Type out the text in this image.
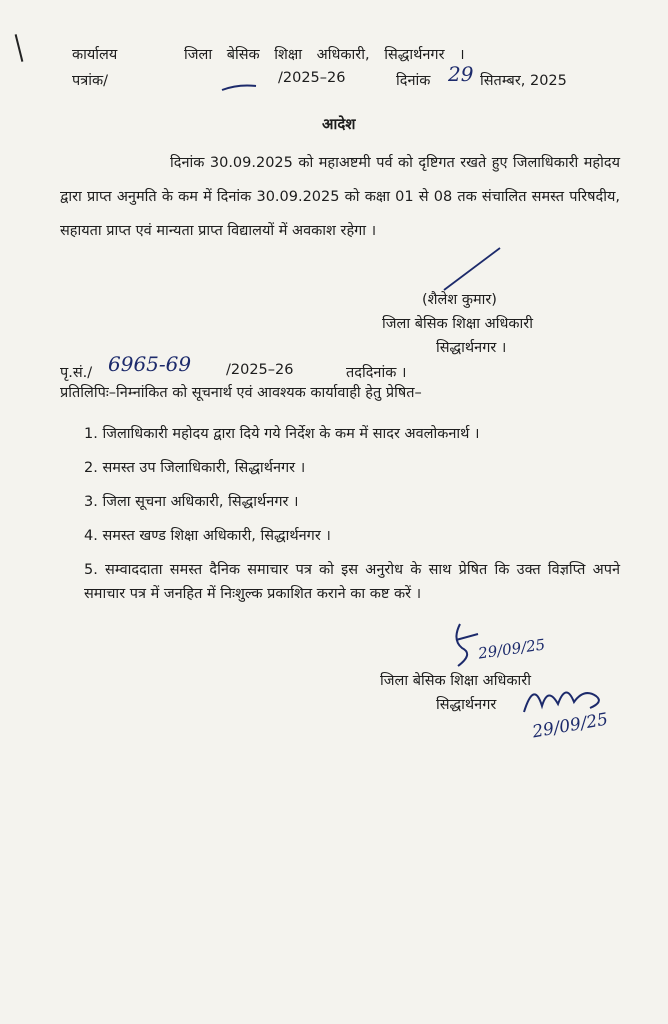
कार्यालय	जिला बेसिक शिक्षा अधिकारी, सिद्धार्थनगर ।
पत्रांक/	/2025–26	दिनांक 29 सितम्बर, 2025
आदेश
दिनांक 30.09.2025 को महाअष्टमी पर्व को दृष्टिगत रखते हुए जिलाधिकारी महोदय द्वारा प्राप्त अनुमति के कम में दिनांक 30.09.2025 को कक्षा 01 से 08 तक संचालित समस्त परिषदीय, सहायता प्राप्त एवं मान्यता प्राप्त विद्यालयों में अवकाश रहेगा ।
(शैलेश कुमार)
जिला बेसिक शिक्षा अधिकारी
सिद्धार्थनगर ।
पृ.सं./ 6965-69 /2025–26	तददिनांक ।
प्रतिलिपिः–निम्नांकित को सूचनार्थ एवं आवश्यक कार्यावाही हेतु प्रेषित–
1. जिलाधिकारी महोदय द्वारा दिये गये निर्देश के कम में सादर अवलोकनार्थ ।
2. समस्त उप जिलाधिकारी, सिद्धार्थनगर ।
3. जिला सूचना अधिकारी, सिद्धार्थनगर ।
4. समस्त खण्ड शिक्षा अधिकारी, सिद्धार्थनगर ।
5. सम्वाददाता समस्त दैनिक समाचार पत्र को इस अनुरोध के साथ प्रेषित कि उक्त विज्ञप्ति अपने समाचार पत्र में जनहित में निःशुल्क प्रकाशित कराने का कष्ट करें ।
29/09/25
जिला बेसिक शिक्षा अधिकारी
सिद्धार्थनगर
29/09/25
